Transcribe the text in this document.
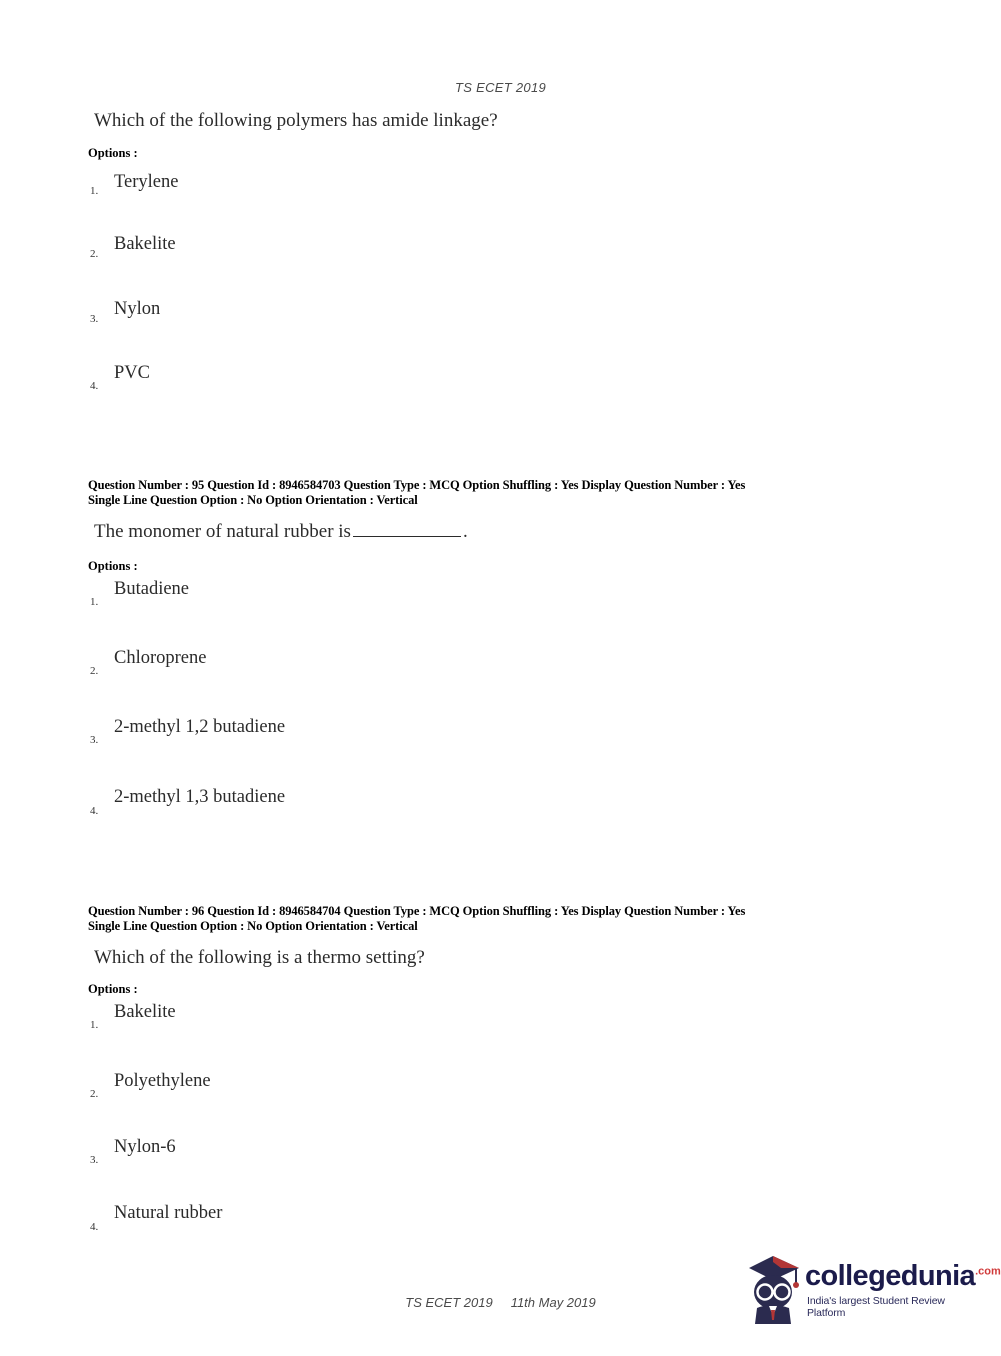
TS ECET 2019
Which of the following polymers has amide linkage?
Options :
1. Terylene
2. Bakelite
3. Nylon
4.
PVC
Question Number : 95 Question Id : 8946584703 Question Type : MCQ Option Shuffling : Yes Display Question Number : Yes
Single Line Question Option : No Option Orientation : Vertical
The monomer of natural rubber is	.
Options :
1.
Butadiene
2.
Chloroprene
3.
2-methyl 1,2 butadiene
4.
2-methyl 1,3 butadiene
Question Number : 96 Question Id : 8946584704 Question Type : MCQ Option Shuffling : Yes Display Question Number : Yes
Single Line Question Option : No Option Orientation : Vertical
Which of the following is a thermo setting?
Options :
1.
Bakelite
2.
Polyethylene
3.
Nylon-6
4.
Natural rubber
TS ECET 2019 11th May 2019
collegedunia$^{.com}$
India's largest Student Review Platform
